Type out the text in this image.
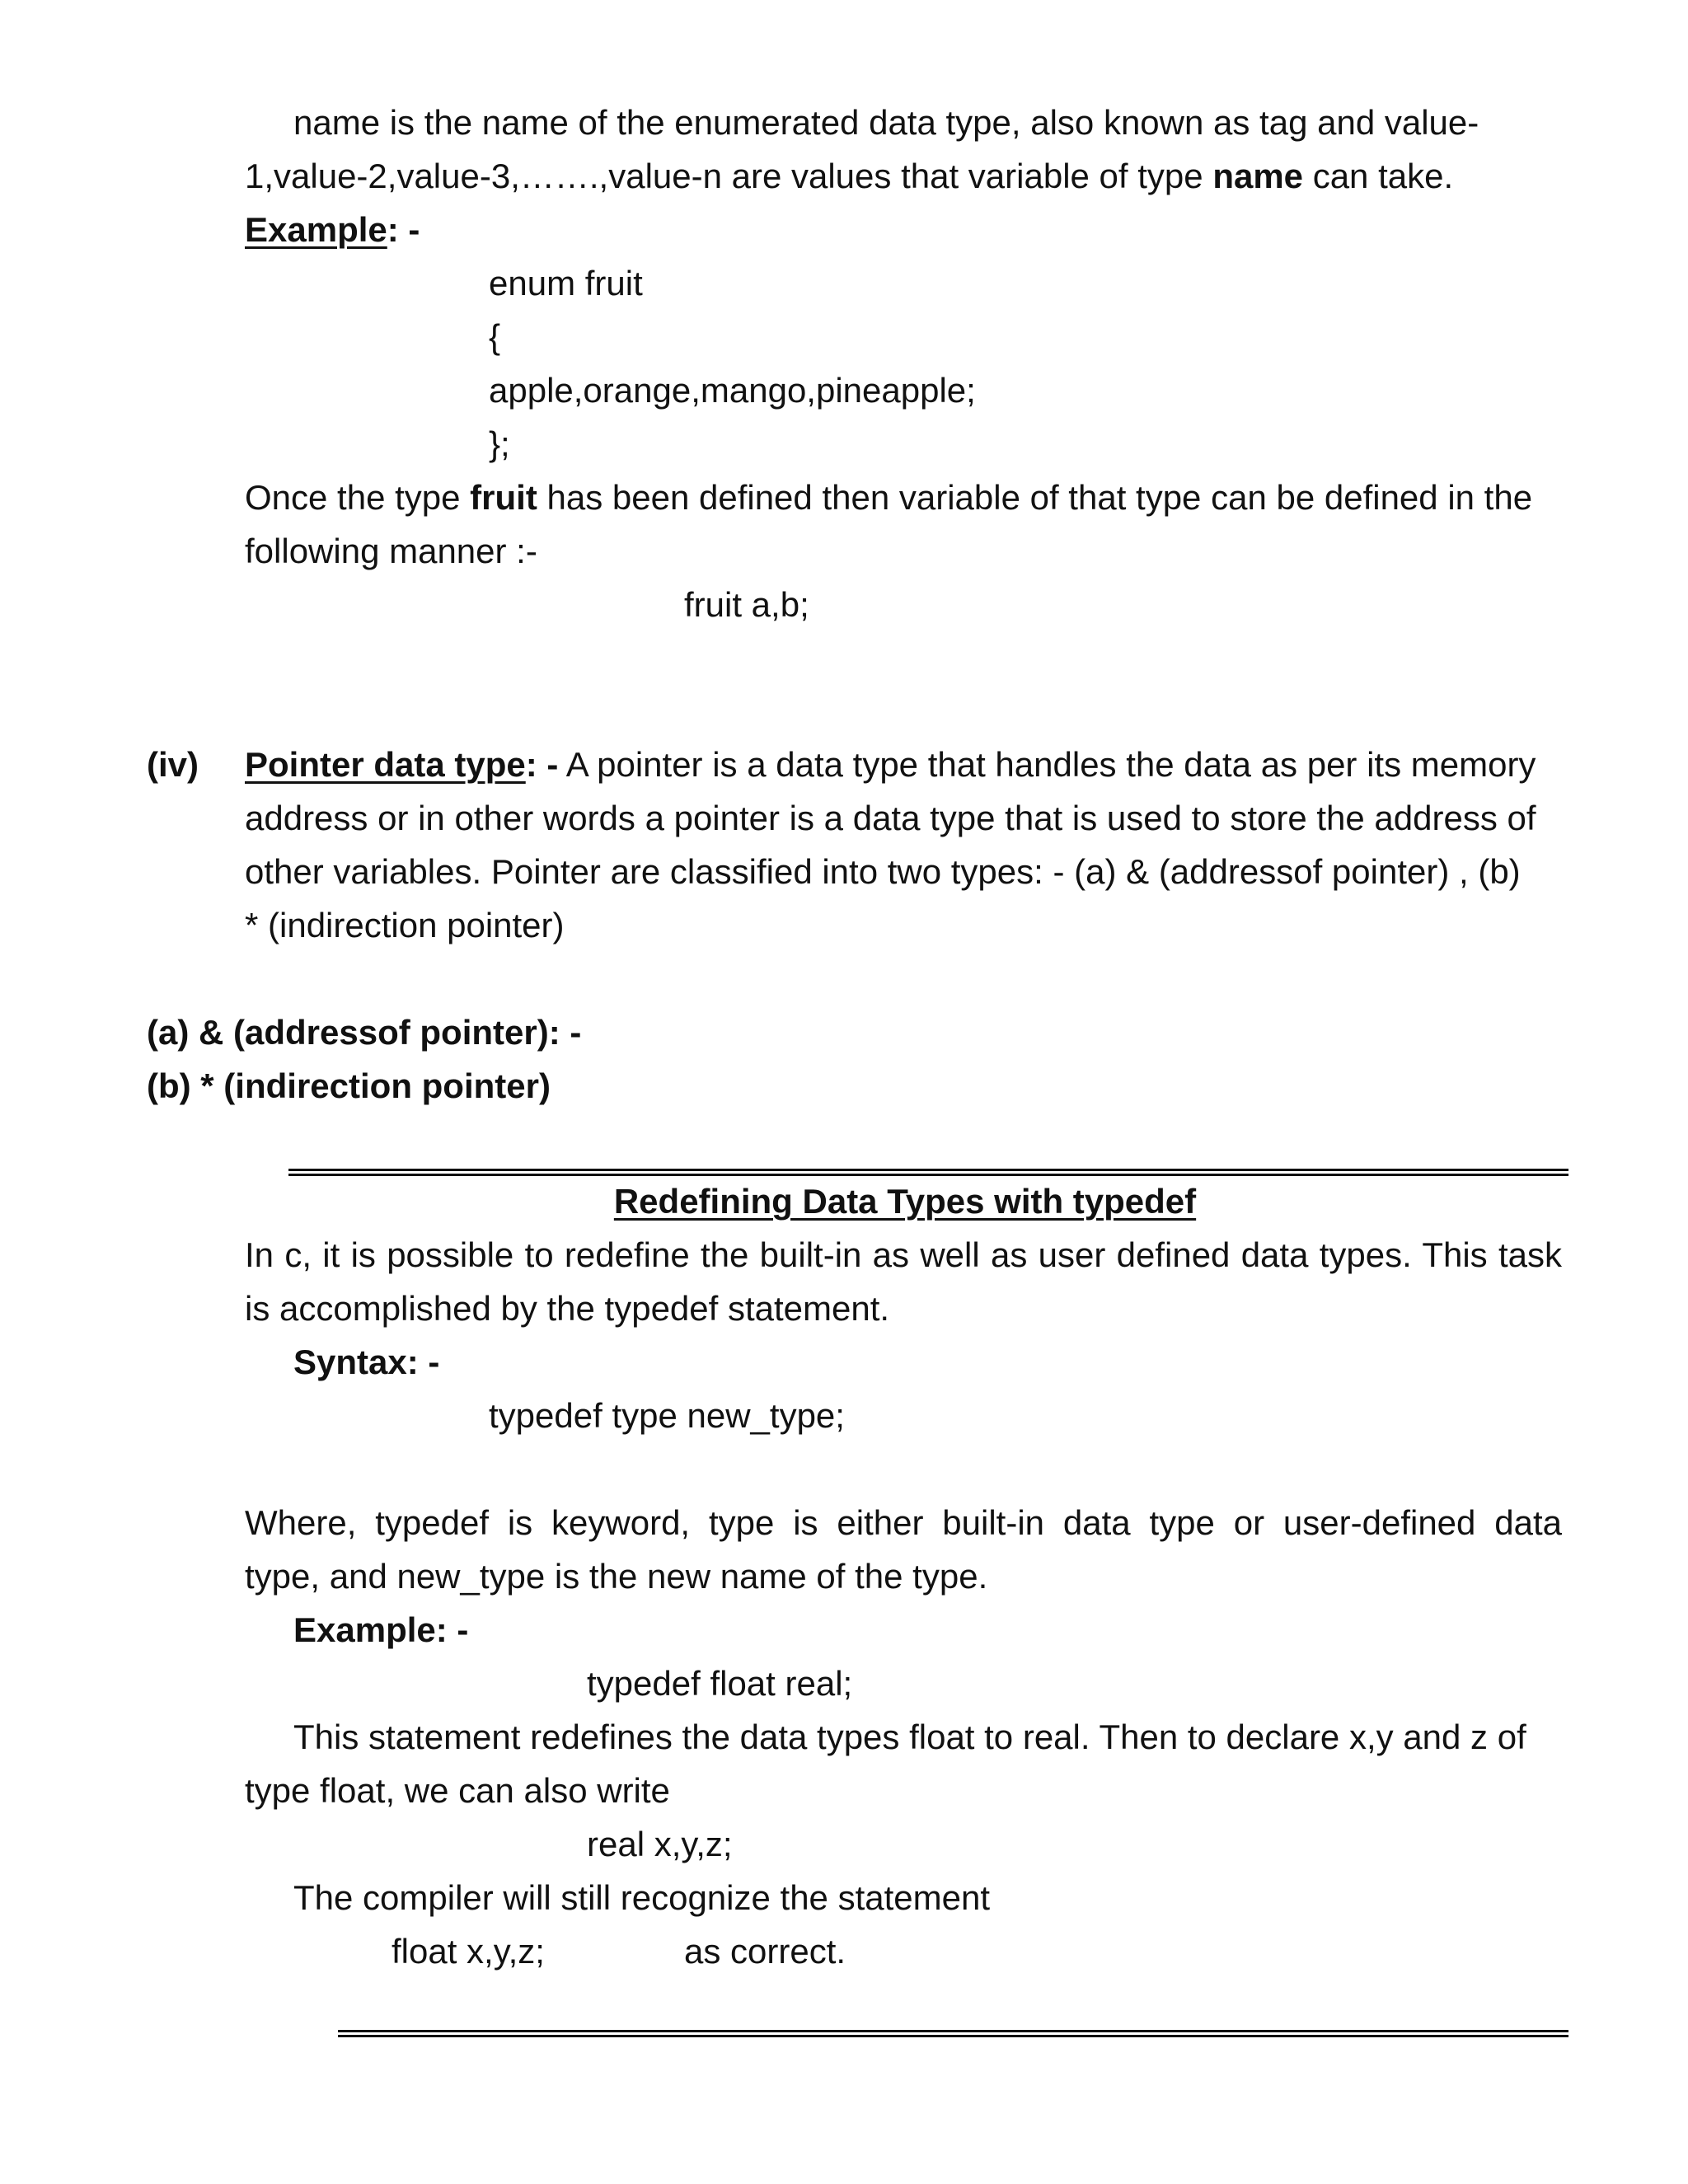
name is the name of the enumerated data type, also known as tag and value-
1,value-2,value-3,…….,value-n are values that variable of type name can take.
Example: -
enum fruit
{
apple,orange,mango,pineapple;
};
Once the type fruit has been defined then variable of that type can be defined in the
following manner :-
fruit a,b;
(iv) Pointer data type: - A pointer is a data type that handles the data as per its memory
address or in other words a pointer is a data type that is used to store the address of
other variables. Pointer are classified into two types: - (a) & (addressof pointer) , (b)
* (indirection pointer)
(a) & (addressof pointer): -
(b) * (indirection pointer)
Redefining Data Types with typedef
In c, it is possible to redefine the built-in as well as user defined data types. This task
is accomplished by the typedef statement.
Syntax: -
typedef type new_type;
Where, typedef is keyword, type is either built-in data type or user-defined data
type, and new_type is the new name of the type.
Example: -
typedef float real;
This statement redefines the data types float to real. Then to declare x,y and z of
type float, we can also write
real x,y,z;
The compiler will still recognize the statement
float x,y,z;	as correct.
